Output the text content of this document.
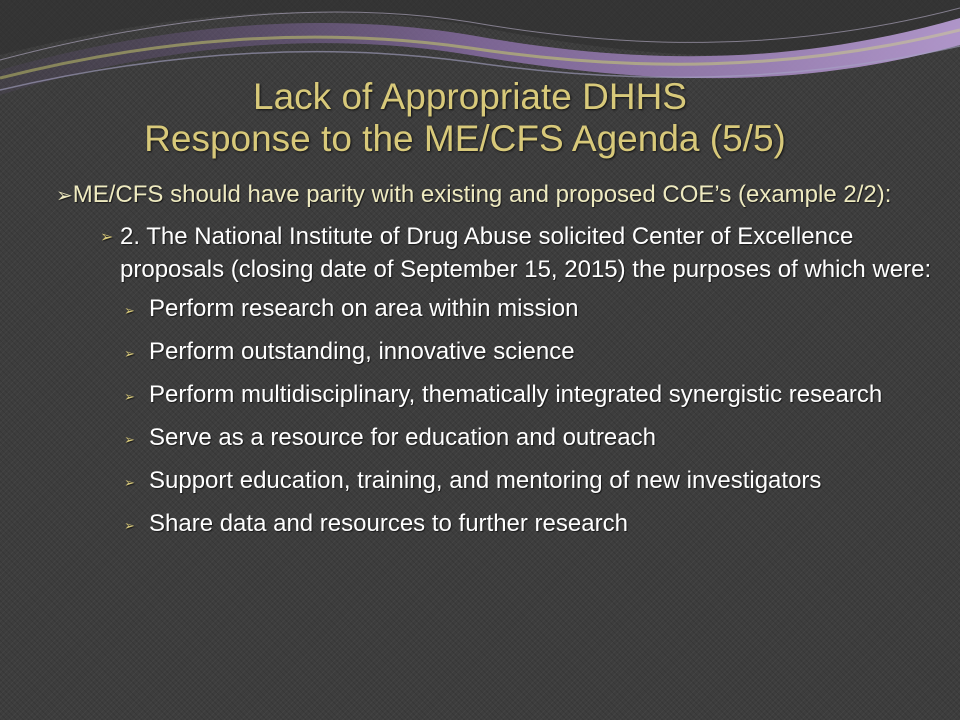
Lack of Appropriate DHHS
Response to the ME/CFS Agenda (5/5)

➢ME/CFS should have parity with existing and proposed COE’s (example 2/2):

➢ 2. The National Institute of Drug Abuse solicited Center of Excellence proposals (closing date of September 15, 2015) the purposes of which were:
➢ Perform research on area within mission
➢ Perform outstanding, innovative science
➢ Perform multidisciplinary, thematically integrated synergistic research
➢ Serve as a resource for education and outreach
➢ Support education, training, and mentoring of new investigators
➢ Share data and resources to further research
